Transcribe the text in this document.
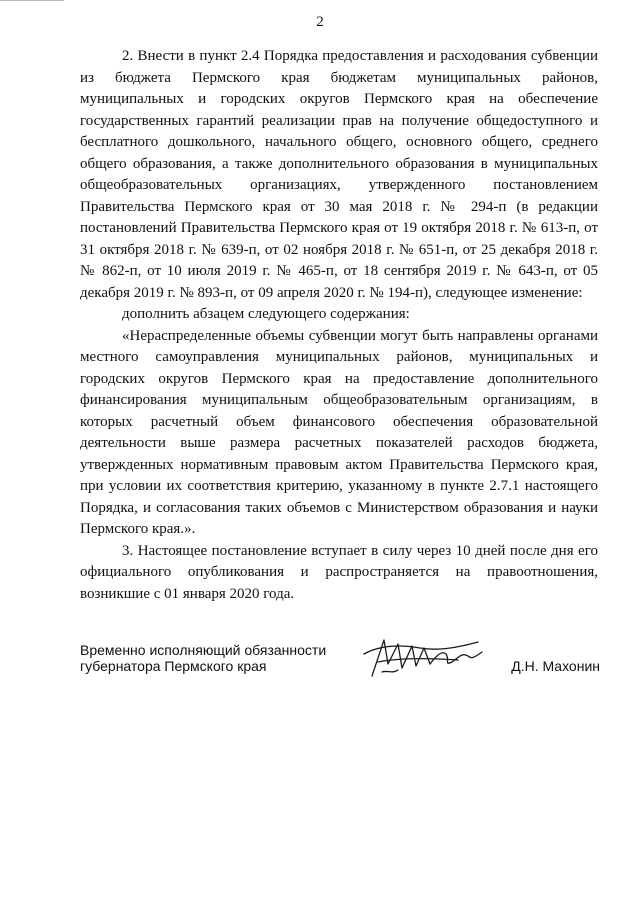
2

2. Внести в пункт 2.4 Порядка предоставления и расходования субвенции из бюджета Пермского края бюджетам муниципальных районов, муниципальных и городских округов Пермского края на обеспечение государственных гарантий реализации прав на получение общедоступного и бесплатного дошкольного, начального общего, основного общего, среднего общего образования, а также дополнительного образования в муниципальных общеобразовательных организациях, утвержденного постановлением Правительства Пермского края от 30 мая 2018 г. № 294-п (в редакции постановлений Правительства Пермского края от 19 октября 2018 г. № 613-п, от 31 октября 2018 г. № 639-п, от 02 ноября 2018 г. № 651-п, от 25 декабря 2018 г. № 862-п, от 10 июля 2019 г. № 465-п, от 18 сентября 2019 г. № 643-п, от 05 декабря 2019 г. № 893-п, от 09 апреля 2020 г. № 194-п), следующее изменение:

дополнить абзацем следующего содержания:

«Нераспределенные объемы субвенции могут быть направлены органами местного самоуправления муниципальных районов, муниципальных и городских округов Пермского края на предоставление дополнительного финансирования муниципальным общеобразовательным организациям, в которых расчетный объем финансового обеспечения образовательной деятельности выше размера расчетных показателей расходов бюджета, утвержденных нормативным правовым актом Правительства Пермского края, при условии их соответствия критерию, указанному в пункте 2.7.1 настоящего Порядка, и согласования таких объемов с Министерством образования и науки Пермского края.».

3. Настоящее постановление вступает в силу через 10 дней после дня его официального опубликования и распространяется на правоотношения, возникшие с 01 января 2020 года.

Временно исполняющий обязанности
губернатора Пермского края	Д.Н. Махонин
